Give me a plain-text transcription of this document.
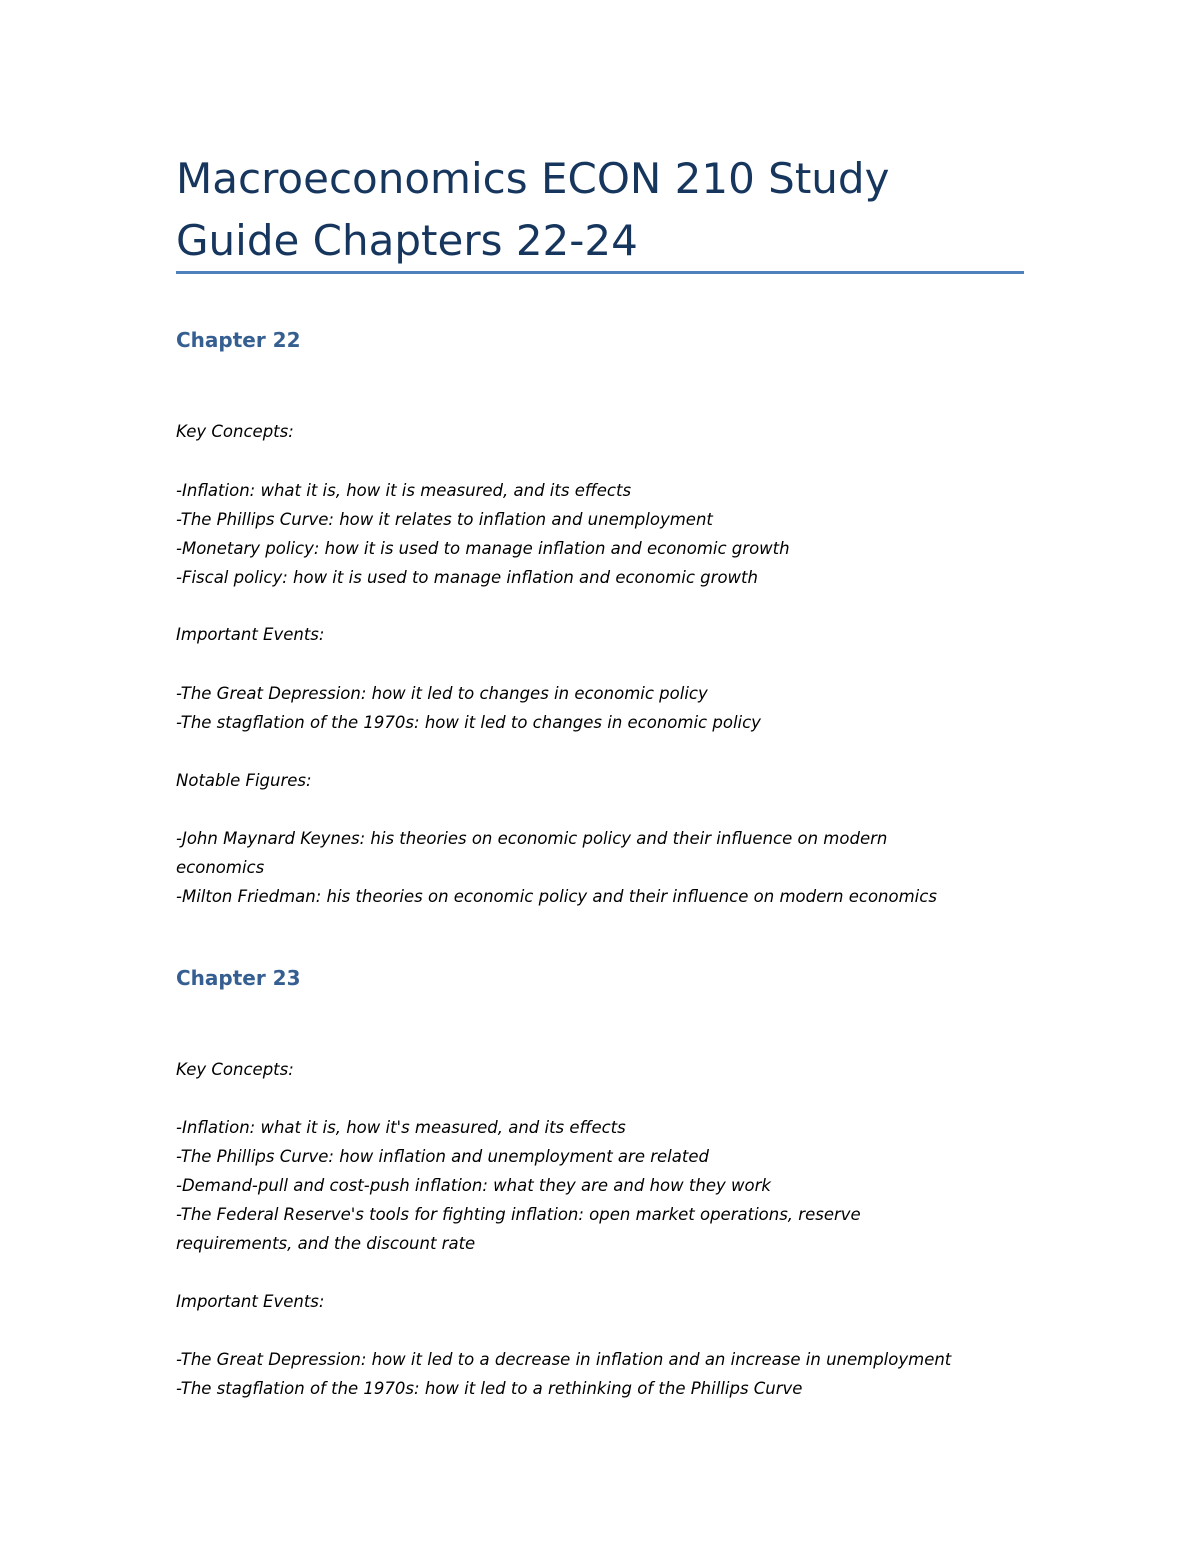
Macroeconomics ECON 210 Study
Guide Chapters 22-24
Chapter 22

Key Concepts:

-Inflation: what it is, how it is measured, and its effects

-The Phillips Curve: how it relates to inflation and unemployment

-Monetary policy: how it is used to manage inflation and economic growth

-Fiscal policy: how it is used to manage inflation and economic growth

Important Events:

-The Great Depression: how it led to changes in economic policy

-The stagflation of the 1970s: how it led to changes in economic policy

Notable Figures:

-John Maynard Keynes: his theories on economic policy and their influence on modern

economics

-Milton Friedman: his theories on economic policy and their influence on modern economics

Chapter 23

Key Concepts:

-Inflation: what it is, how it's measured, and its effects

-The Phillips Curve: how inflation and unemployment are related

-Demand-pull and cost-push inflation: what they are and how they work

-The Federal Reserve's tools for fighting inflation: open market operations, reserve

requirements, and the discount rate

Important Events:

-The Great Depression: how it led to a decrease in inflation and an increase in unemployment

-The stagflation of the 1970s: how it led to a rethinking of the Phillips Curve
